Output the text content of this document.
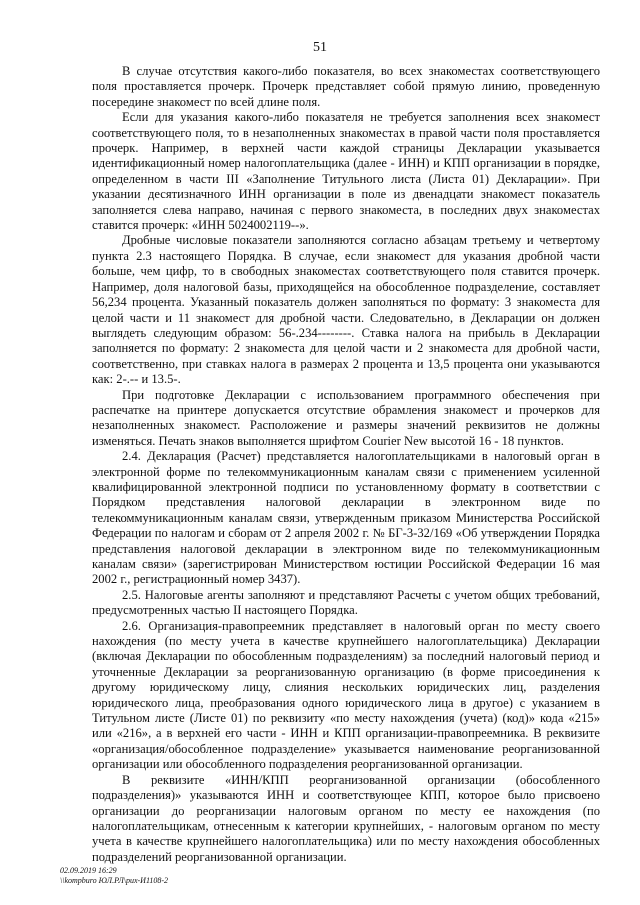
51

В случае отсутствия какого-либо показателя, во всех знакоместах соответствующего поля проставляется прочерк. Прочерк представляет собой прямую линию, проведенную посередине знакомест по всей длине поля.

Если для указания какого-либо показателя не требуется заполнения всех знакомест соответствующего поля, то в незаполненных знакоместах в правой части поля проставляется прочерк. Например, в верхней части каждой страницы Декларации указывается идентификационный номер налогоплательщика (далее - ИНН) и КПП организации в порядке, определенном в части III «Заполнение Титульного листа (Листа 01) Декларации». При указании десятизначного ИНН организации в поле из двенадцати знакомест показатель заполняется слева направо, начиная с первого знакоместа, в последних двух знакоместах ставится прочерк: «ИНН 5024002119--».

Дробные числовые показатели заполняются согласно абзацам третьему и четвертому пункта 2.3 настоящего Порядка. В случае, если знакомест для указания дробной части больше, чем цифр, то в свободных знакоместах соответствующего поля ставится прочерк. Например, доля налоговой базы, приходящейся на обособленное подразделение, составляет 56,234 процента. Указанный показатель должен заполняться по формату: 3 знакоместа для целой части и 11 знакомест для дробной части. Следовательно, в Декларации он должен выглядеть следующим образом: 56-.234--------. Ставка налога на прибыль в Декларации заполняется по формату: 2 знакоместа для целой части и 2 знакоместа для дробной части, соответственно, при ставках налога в размерах 2 процента и 13,5 процента они указываются как: 2-.-- и 13.5-.

При подготовке Декларации с использованием программного обеспечения при распечатке на принтере допускается отсутствие обрамления знакомест и прочерков для незаполненных знакомест. Расположение и размеры значений реквизитов не должны изменяться. Печать знаков выполняется шрифтом Courier New высотой 16 - 18 пунктов.

2.4. Декларация (Расчет) представляется налогоплательщиками в налоговый орган в электронной форме по телекоммуникационным каналам связи с применением усиленной квалифицированной электронной подписи по установленному формату в соответствии с Порядком представления налоговой декларации в электронном виде по телекоммуникационным каналам связи, утвержденным приказом Министерства Российской Федерации по налогам и сборам от 2 апреля 2002 г. № БГ-3-32/169 «Об утверждении Порядка представления налоговой декларации в электронном виде по телекоммуникационным каналам связи» (зарегистрирован Министерством юстиции Российской Федерации 16 мая 2002 г., регистрационный номер 3437).

2.5. Налоговые агенты заполняют и представляют Расчеты с учетом общих требований, предусмотренных частью II настоящего Порядка.

2.6. Организация-правопреемник представляет в налоговый орган по месту своего нахождения (по месту учета в качестве крупнейшего налогоплательщика) Декларации (включая Декларации по обособленным подразделениям) за последний налоговый период и уточненные Декларации за реорганизованную организацию (в форме присоединения к другому юридическому лицу, слияния нескольких юридических лиц, разделения юридического лица, преобразования одного юридического лица в другое) с указанием в Титульном листе (Листе 01) по реквизиту «по месту нахождения (учета) (код)» кода «215» или «216», а в верхней его части - ИНН и КПП организации-правопреемника. В реквизите «организация/обособленное подразделение» указывается наименование реорганизованной организации или обособленного подразделения реорганизованной организации.

В реквизите «ИНН/КПП реорганизованной организации (обособленного подразделения)» указываются ИНН и соответствующее КПП, которое было присвоено организации до реорганизации налоговым органом по месту ее нахождения (по налогоплательщикам, отнесенным к категории крупнейших, - налоговым органом по месту учета в качестве крупнейшего налогоплательщика) или по месту нахождения обособленных подразделений реорганизованной организации.

02.09.2019 16:29
\\kompburo ЮЛ.РЛ\рих-И1108-2
